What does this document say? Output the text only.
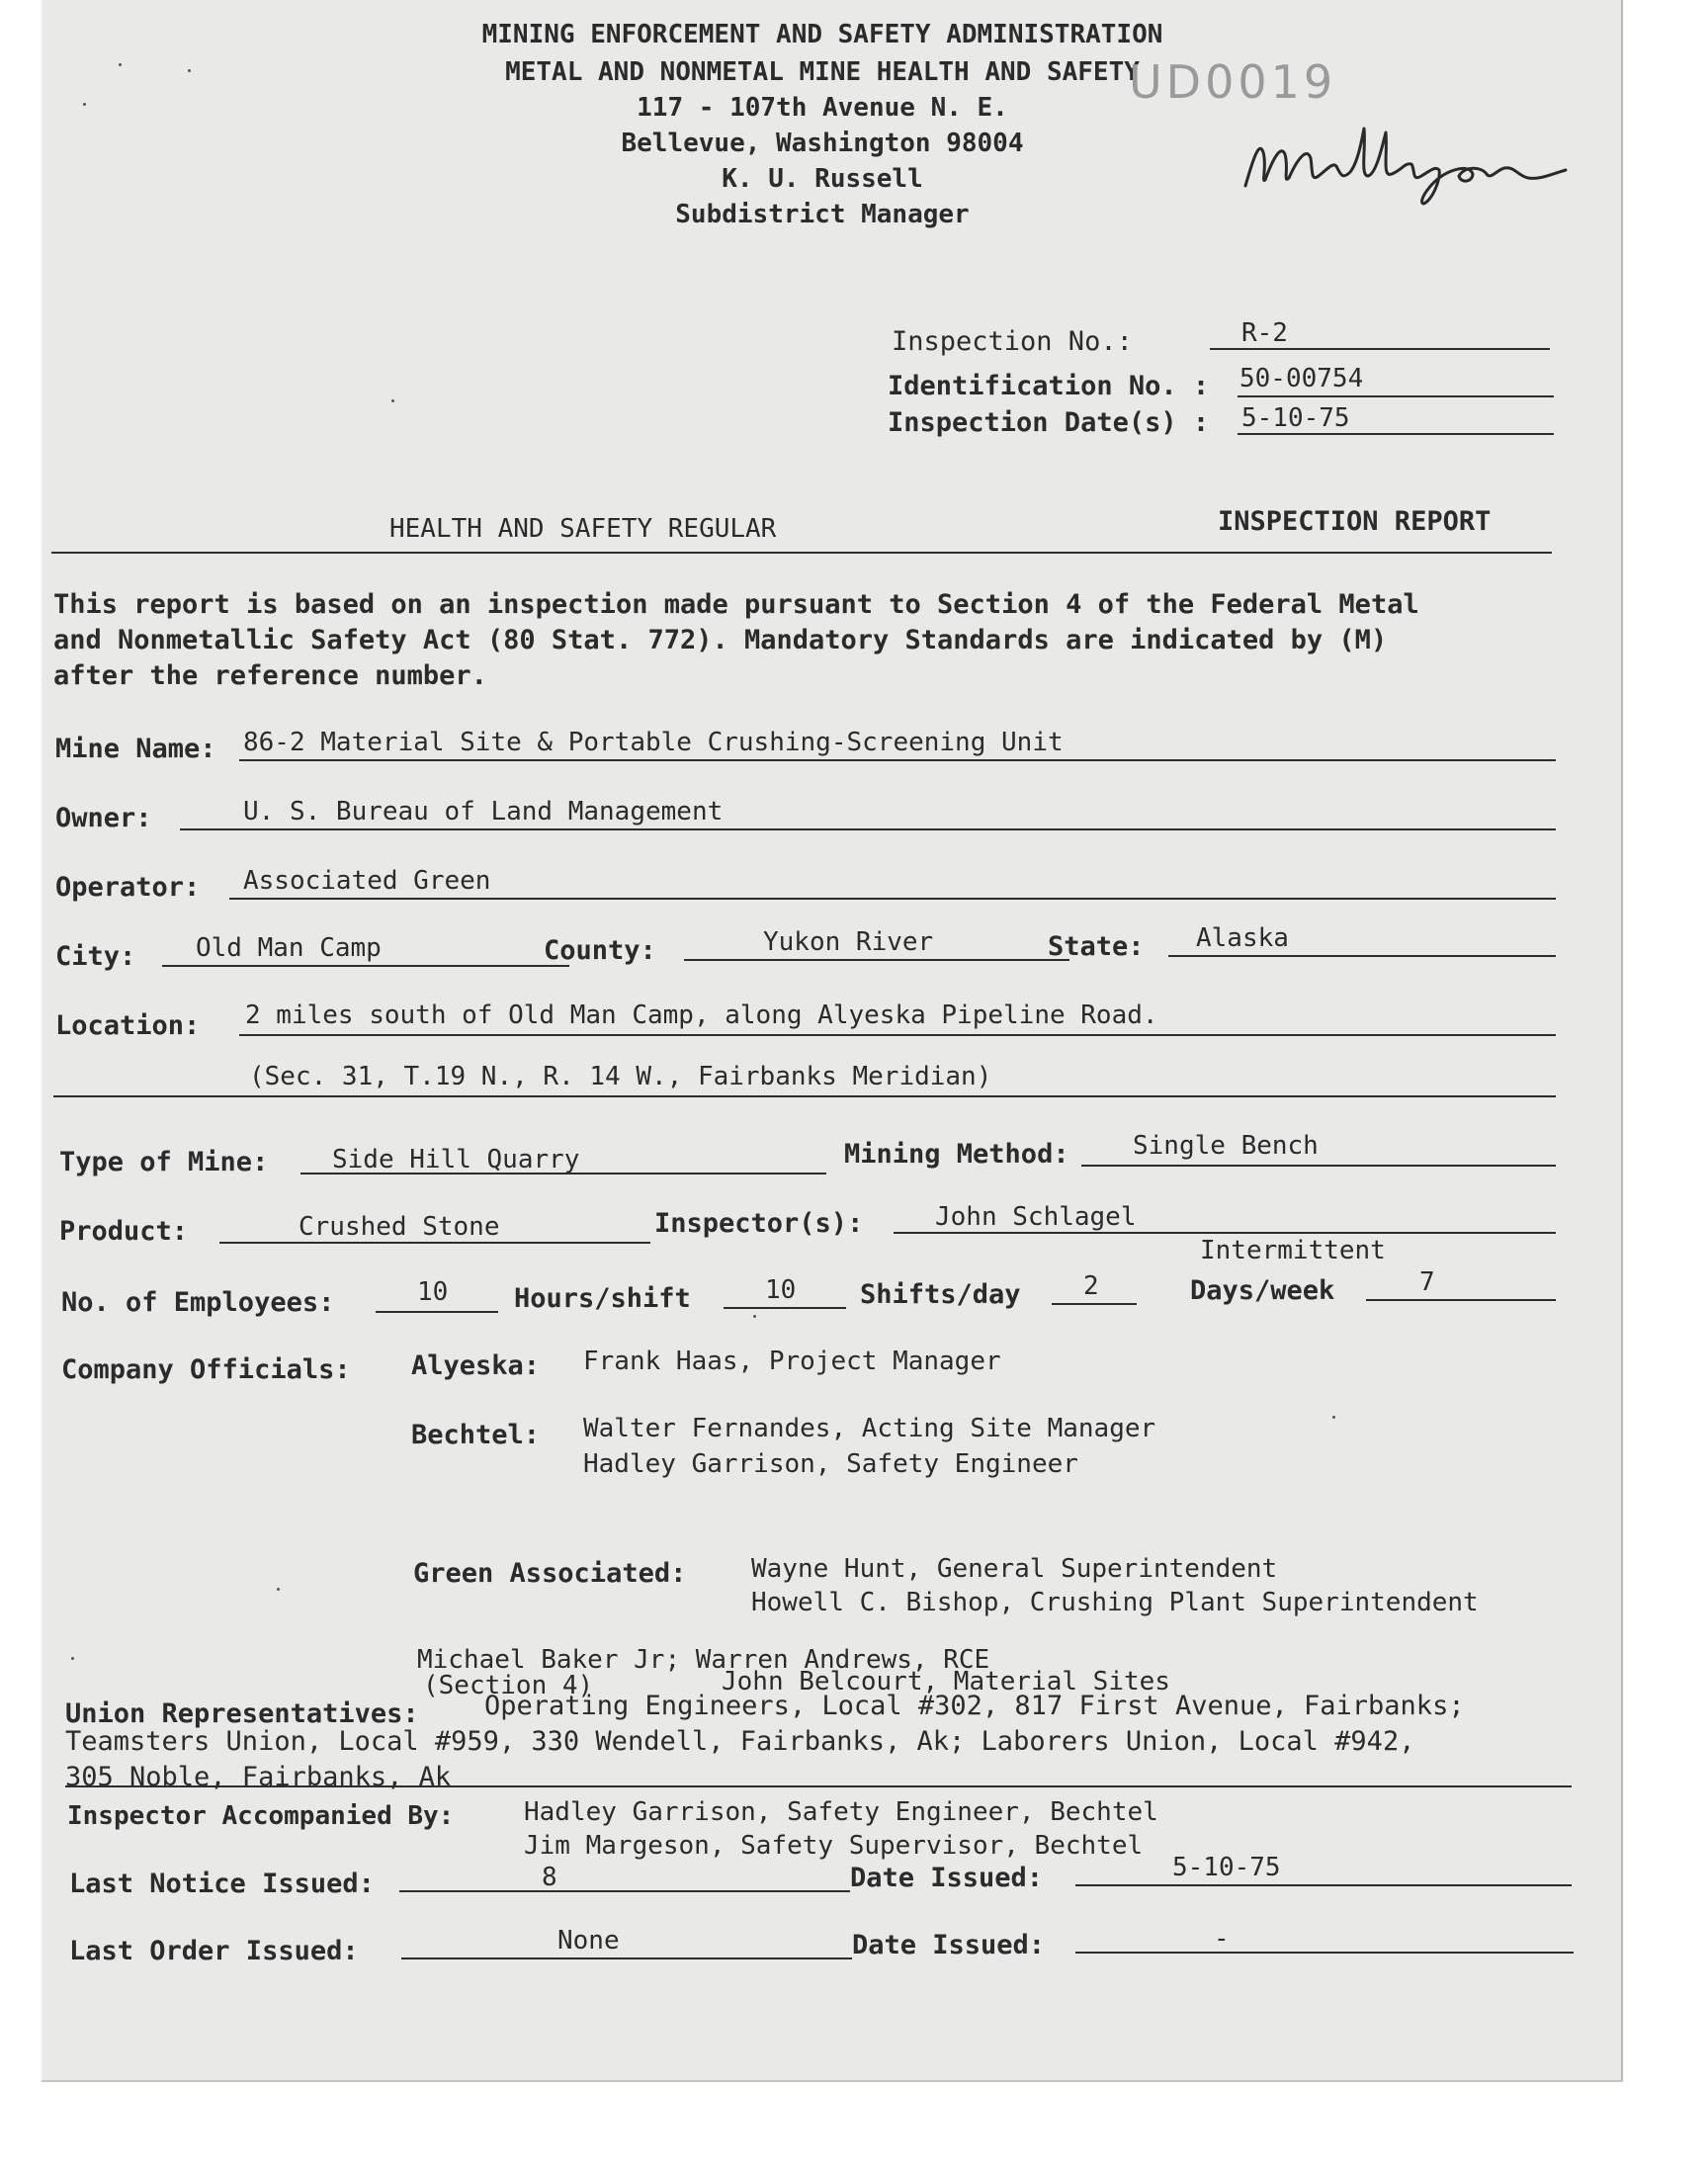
MINING ENFORCEMENT AND SAFETY ADMINISTRATION
METAL AND NONMETAL MINE HEALTH AND SAFETY
117 - 107th Avenue N. E.
Bellevue, Washington 98004
K. U. Russell
Subdistrict Manager
UD0019
Inspection No.:	R-2
Identification No. : 50-00754
Inspection Date(s) : 5-10-75
HEALTH AND SAFETY REGULAR	INSPECTION REPORT
This report is based on an inspection made pursuant to Section 4 of the Federal Metal
and Nonmetallic Safety Act (80 Stat. 772). Mandatory Standards are indicated by (M)
after the reference number.
Mine Name: 86-2 Material Site & Portable Crushing-Screening Unit
Owner:	U. S. Bureau of Land Management
Operator: Associated Green
City: Old Man Camp	County:	Yukon River	State: Alaska
Location: 2 miles south of Old Man Camp, along Alyeska Pipeline Road.
(Sec. 31, T.19 N., R. 14 W., Fairbanks Meridian)
Type of Mine: Side Hill Quarry	Mining Method: Single Bench
Product:	Crushed Stone	Inspector(s):	John Schlagel
Intermittent
No. of Employees:	10 Hours/shift	10 Shifts/day 2	Days/week	7
Company Officials: Alyeska: Frank Haas, Project Manager
Bechtel: Walter Fernandes, Acting Site Manager
Hadley Garrison, Safety Engineer
Green Associated:	Wayne Hunt, General Superintendent
Howell C. Bishop, Crushing Plant Superintendent
Michael Baker Jr; Warren Andrews, RCE
(Section 4)	John Belcourt, Material Sites
Union Representatives: Operating Engineers, Local #302, 817 First Avenue, Fairbanks;
Teamsters Union, Local #959, 330 Wendell, Fairbanks, Ak; Laborers Union, Local #942,
305 Noble, Fairbanks, Ak
Inspector Accompanied By:	Hadley Garrison, Safety Engineer, Bechtel
Jim Margeson, Safety Supervisor, Bechtel
Last Notice Issued:	8	Date Issued:	5-10-75
Last Order Issued:	None	Date Issued:	-
